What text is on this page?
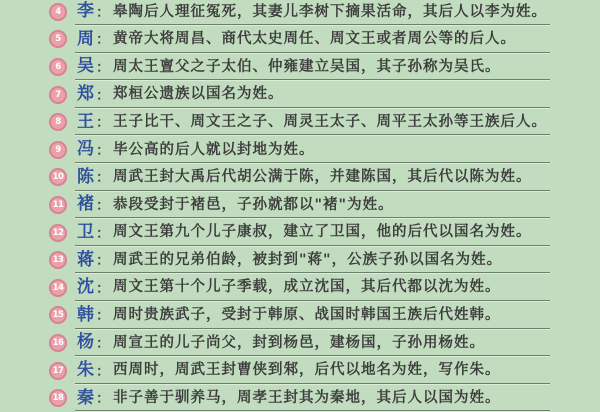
4 李 ： 皋陶后人理征冤死，其妻儿李树下摘果活命，其后人以李为姓。
5 周 ： 黄帝大将周昌、商代太史周任、周文王或者周公等的后人。
6 吴 ： 周太王亶父之子太伯、仲雍建立吴国，其子孙称为吴氏。
7 郑 ： 郑桓公遗族以国名为姓。
8 王 ： 王子比干、周文王之子、周灵王太子、周平王太孙等王族后人。
9 冯 ： 毕公高的后人就以封地为姓。
10 陈 ： 周武王封大禹后代胡公满于陈，并建陈国，其后代以陈为姓。
11 褚 ： 恭段受封于褚邑，子孙就都以"褚"为姓。
12 卫 ： 周文王第九个儿子康叔，建立了卫国，他的后代以国名为姓。
13 蒋 ： 周武王的兄弟伯龄，被封到"蒋"，公族子孙以国名为姓。
14 沈 ： 周文王第十个儿子季载，成立沈国，其后代都以沈为姓。
15 韩 ： 周时贵族武子，受封于韩原、战国时韩国王族后代姓韩。
16 杨 ： 周宣王的儿子尚父，封到杨邑，建杨国，子孙用杨姓。
17 朱 ： 西周时，周武王封曹侠到邾，后代以地名为姓，写作朱。
18 秦 ： 非子善于驯养马，周孝王封其为秦地，其后人以国为姓。
